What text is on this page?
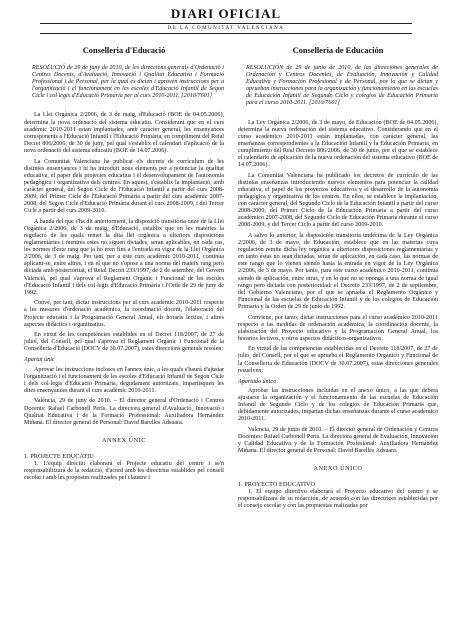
DIARI OFICIAL
DE LA COMUNITAT VALENCIANA
Conselleria d'Educació
RESOLUCIÓ de 29 de juny de 2010, de les direccions generals d'Ordenació i Centres Docents, d'Avaluació, Innovació i Qualitat Educativa i Formació Professional i de Personal, per la qual es dicten i aproven instruccions per a l'organització i el funcionament en les escoles d'Educació Infantil de Segon Cicle i col·legis d'Educació Primària per al curs 2010-2011. [2010/7601]

La Llei Orgànica 2/2006, de 3 de maig, d'Educació (BOE de 04.05.2006), determina la nova ordenació del sistema educatiu. Considerant que en el curs acadèmic 2010-2011 estan implantades, amb caràcter general, les ensenyances corresponents a l'Educació Infantil i l'Educació Primària, en compliment del Reial Decret 806/2006, de 30 de juny, pel qual s'establix el calendari d'aplicació de la nova ordenació del sistema educatiu (BOE de 14.07.2006).

La Comunitat Valenciana ha publicat els decrets de currículum de les distintes ensenyances i hi ha introduït nous elements per a potenciar la qualitat educativa, el paper dels projectes educatius i el desenvolupament de l'autonomia pedagògica i organitzativa dels centres. En aquest, s'establix la implantació, amb caràcter general, del Segon Cicle de l'Educació Infantil a partir del curs 2008-2009, del Primer Cicle de l'Educació Primària a partir del curs acadèmic 2007-2008, del Segon Cicle d'Educació Primària durant el curs 2008-2009, i del Tercer Cicle a partir del curs 2009-2010.

A banda del que s'ha dit anteriorment, la disposició transitòria onze de la Llei Orgànica 2/2006, de 3 de maig, d'Educació, establix que en les matèries la regulació de les quals remet la dita llei orgànica a ulteriors disposicions reglamentàries i mentres estes no siguen dictades, seran aplicables, en cada cas, les normes d'este rang que ja ho eren fins a l'entrada en vigor de la Llei Orgànica 2/2006, de 3 de maig. Per tant, per a este curs acadèmic 2010-2011, continua aplicant-se, entre altres, i en el que no s'opose a una norma del mateix rang però dictada amb posterioritat, el Reial Decret 233/1997, de 2 de setembre, del Govern Valencià, pel qual s'aprova el Reglament Orgànic i Funcional de les escoles d'Educació Infantil i dels col·legis d'Educació Primària i l'Orde de 29 de juny de 1992.

Convé, per tant, dictar instruccions per al curs acadèmic 2010-2011 respecte a les mesures d'ordenació acadèmica, la coordinació docent, l'elaboració del Projecte educatiu i la Programació General Anual, els horaris lectius, i altres aspectes didàctics i organitzatius.

En virtut de les competències establides en el Decret 118/2007, de 27 de juliol, del Consell, pel qual s'aprova el Reglament Orgànic i Funcional de la Conselleria d'Educació (DOCV de 30.07.2007), estes direccions generals resolen:

Apartat únic

Aprovar les instruccions incloses en l'annex únic, a les quals s'haurà d'ajustar l'organització i el funcionament de les escoles d'Educació Infantil de Segon Cicle i dels col·legis d'Educació Primària, degudament autoritzats, impartisquen les dites ensenyances durant el curs acadèmic 2010-2011.

València, 29 de juny de 2010. – El director general d'Ordenació i Centres Docents: Rafael Carbonell Peris. La directora general d'Avaluació, Innovació i Qualitat Educativa i de la Formació Professional: Auxiliadora Hernández Miñana. El director general de Personal: David Barelles Adsuara.

ANNEX ÚNIC
1. PROJECTE EDUCATIU

1. L'equip directiu elaborarà el Projecte educatiu del centre i se'n responsabilitzarà de la redacció, d'acord amb les directrius establides pel consell escolar i amb les propostes realitzades pel claustre i

Conselleria de Educación
RESOLUCIÓN de 29 de junio de 2010, de las direcciones generales de Ordenación y Centros Docentes, de Evaluación, Innovación y Calidad Educativa y Formación Profesional y de Personal, por la que se dictan y aprueban instrucciones para la organización y funcionamiento en las escuelas de Educación Infantil de Segundo Ciclo y colegios de Educación Primaria para el curso 2010-2011. [2010/7601]

La Ley Orgánica 2/2006, de 3 de mayo, de Educación (BOE de 04.05.2006), determina la nueva ordenación del sistema educativo. Considerando que en el curso académico 2010-2011 están implantadas, con carácter general, las enseñanzas correspondientes a la Educación Infantil y la Educación Primaria, en cumplimiento del Real Decreto 806/2006, de 30 de junio, por el que se establece el calendario de aplicación de la nueva ordenación del sistema educativo (BOE de 14.07.2006).

La Comunitat Valenciana ha publicado los decretos de currículo de las distintas enseñanzas introduciendo nuevos elementos para potenciar la calidad educativa, el papel de los proyectos educativos y el desarrollo de la autonomía pedagógica y organizativa de los centros. En ellos, se establece la implantación, con carácter general, del Segundo Ciclo de la Educación Infantil a partir del curso 2008-2009, del Primer Ciclo de la Educación Primaria a partir del curso académico 2007-2008, del Segundo Ciclo de Educación Primaria durante el curso 2008-2009, y del Tercer Ciclo a partir del curso 2009-2010.

A salvo lo anterior, la disposición transitoria undécima de la Ley Orgánica 2/2006, de 3 de mayo, de Educación, establece que en las materias cuya regulación remite dicha ley orgánica a ulteriores disposiciones reglamentarias y en tanto éstas no sean dictadas, serán de aplicación, en cada caso, las normas de este rango que lo vienen siendo hasta la entrada en vigor de la Ley Orgánica 2/2006, de 3 de mayo. Por tanto, para este curso académico 2010-2011, continúa siendo de aplicación, entre otras, y en lo que no se oponga a una norma de igual rango pero dictada con posterioridad: el Decreto 233/1997, de 2 de septiembre, del Gobierno Valenciano, por el que se aprueba el Reglamento Orgánico y Funcional de las escuelas de Educación Infantil y de los colegios de Educación Primaria y la Orden de 29 de junio de 1992.

Conviene, por tanto, dictar instrucciones para el curso académico 2010-2011 respecto a las medidas de ordenación académica, la coordinación docente, la elaboración del Proyecto educativo y la Programación General Anual, los horarios lectivos, y otros aspectos didácticos-organizativos.

En virtud de las competencias establecidas en el Decreto 118/2007, de 27 de julio, del Consell, por el que se aprueba el Reglamento Orgánico y Funcional de la Conselleria de Educación (DOCV de 30.07.2007), estas direcciones generales resuelven:

Apartado único

Aprobar las instrucciones incluidas en el anexo único, a las que deberá ajustarse la organización y el funcionamiento de las escuelas de Educación Infantil de Segundo Ciclo y de los colegios de Educación Primaria que, debidamente autorizados, impartan dichas enseñanzas durante el curso académico 2010-2011.

Valencia, 29 de junio de 2010. – El director general de Ordenación y Centros Docentes: Rafael Carbonell Peris. La directora general de Evaluación, Innovación y Calidad Educativa y de la Formación Profesional: Auxiliadora Hernández Miñana. El director general de Personal: David Barelles Adsuara.

ANEXO ÚNICO
1. PROYECTO EDUCATIVO

1. El equipo directivo elaborará el Proyecto educativo del centro y se responsabilizará de su redacción, de acuerdo con las directrices establecidas por el consejo escolar y con las propuestas realizadas por
